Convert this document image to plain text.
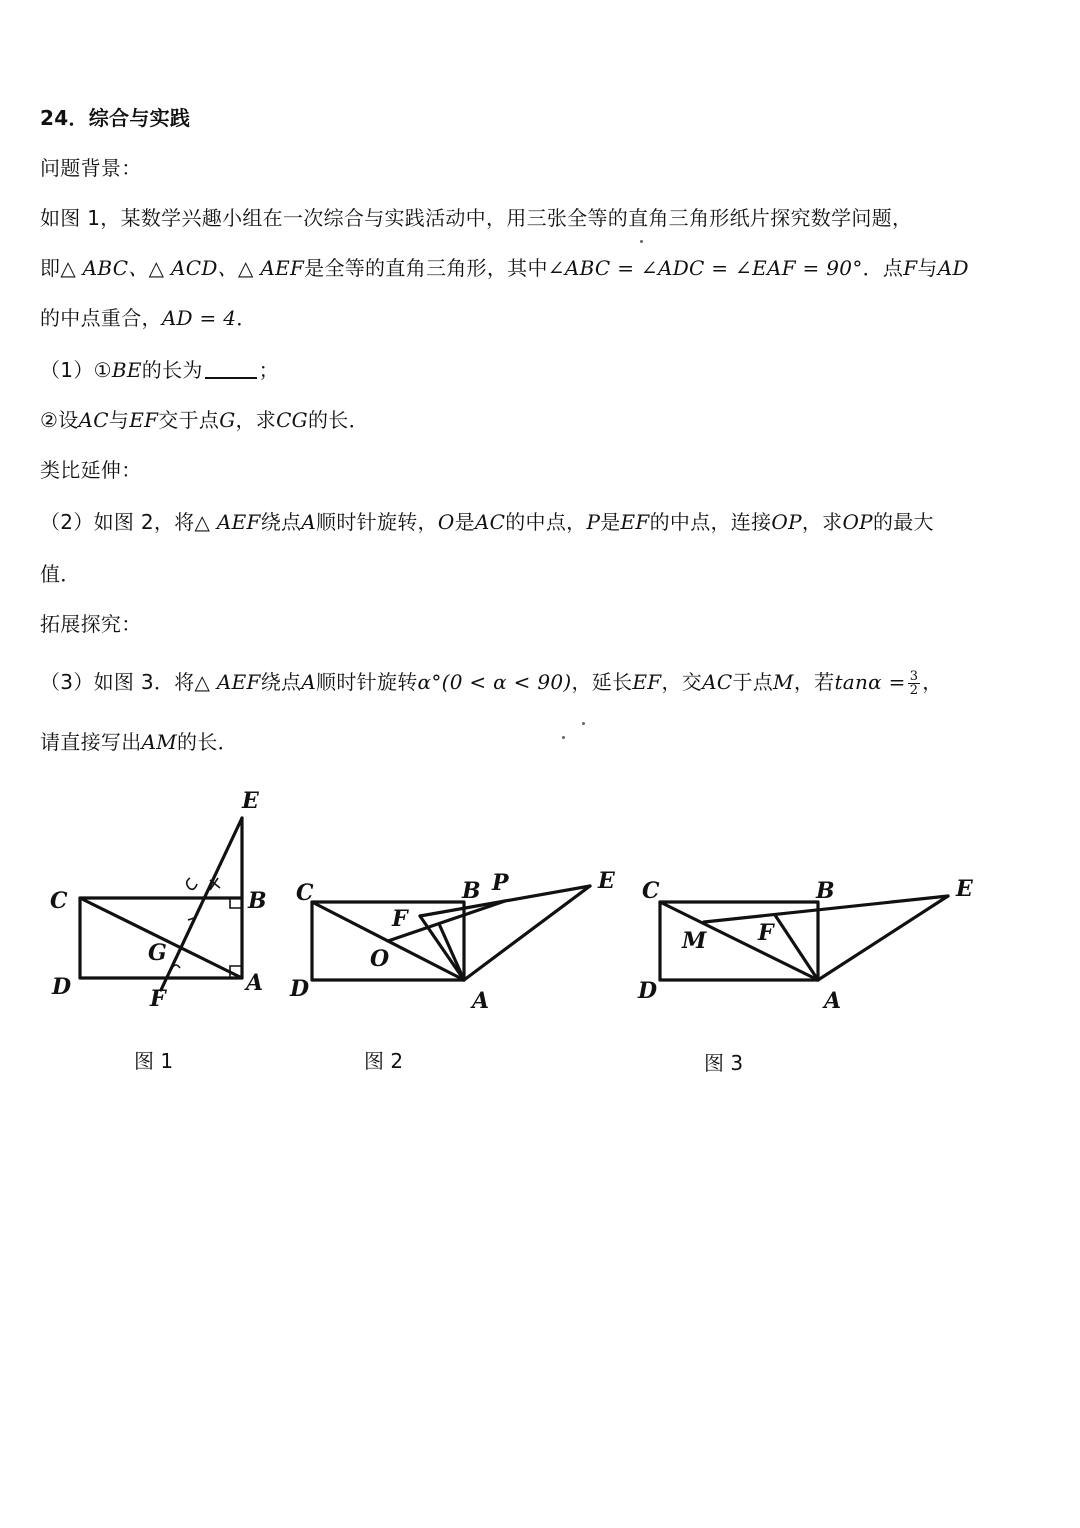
24．综合与实践
问题背景：
如图 1，某数学兴趣小组在一次综合与实践活动中，用三张全等的直角三角形纸片探究数学问题，
即△ ABC、△ ACD、△ AEF是全等的直角三角形，其中∠ABC = ∠ADC = ∠EAF = 90°．点F与AD
的中点重合，AD = 4．
（1）①BE的长为	；
②设AC与EF交于点G，求CG的长．
类比延伸：
（2）如图 2，将△ AEF绕点A顺时针旋转，O是AC的中点，P是EF的中点，连接OP，求OP的最大
值．
拓展探究：
（3）如图 3．将△ AEF绕点A顺时针旋转α°(0 < α < 90)，延长EF，交AC于点M，若$\tan\alpha = \frac{3}{2}$ ，
请直接写出AM的长．
E
C	B
D	A
F
G
图 1
C	B P	E
F
O
D	A
图 2
C	B	E
M F
D	A
图 3
